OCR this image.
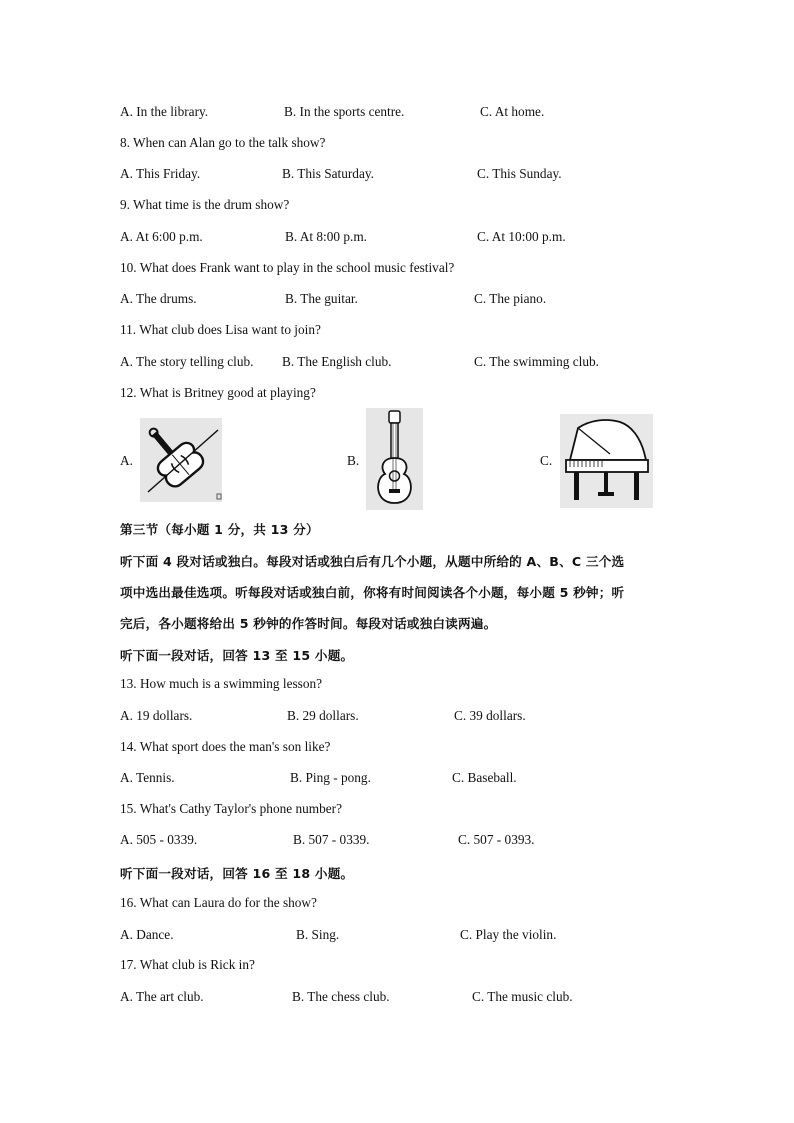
A. In the library.	B. In the sports centre.	C. At home.
8. When can Alan go to the talk show?
A. This Friday.	B. This Saturday.	C. This Sunday.
9. What time is the drum show?
A. At 6:00 p.m.	B. At 8:00 p.m.	C. At 10:00 p.m.
10. What does Frank want to play in the school music festival?
A. The drums.	B. The guitar.	C. The piano.
11. What club does Lisa want to join?
A. The story telling club. B. The English club.	C. The swimming club.
12. What is Britney good at playing?
A.	B.	C.
第三节（每小题 1 分，共 13 分）
听下面 4 段对话或独白。每段对话或独白后有几个小题，从题中所给的 A、B、C 三个选
项中选出最佳选项。听每段对话或独白前，你将有时间阅读各个小题，每小题 5 秒钟；听
完后，各小题将给出 5 秒钟的作答时间。每段对话或独白读两遍。
听下面一段对话，回答 13 至 15 小题。
13. How much is a swimming lesson?
A. 19 dollars.	B. 29 dollars.	C. 39 dollars.
14. What sport does the man's son like?
A. Tennis.	B. Ping - pong.	C. Baseball.
15. What's Cathy Taylor's phone number?
A. 505 - 0339.	B. 507 - 0339.	C. 507 - 0393.
听下面一段对话，回答 16 至 18 小题。
16. What can Laura do for the show?
A. Dance.	B. Sing.	C. Play the violin.
17. What club is Rick in?
A. The art club.	B. The chess club.	C. The music club.
